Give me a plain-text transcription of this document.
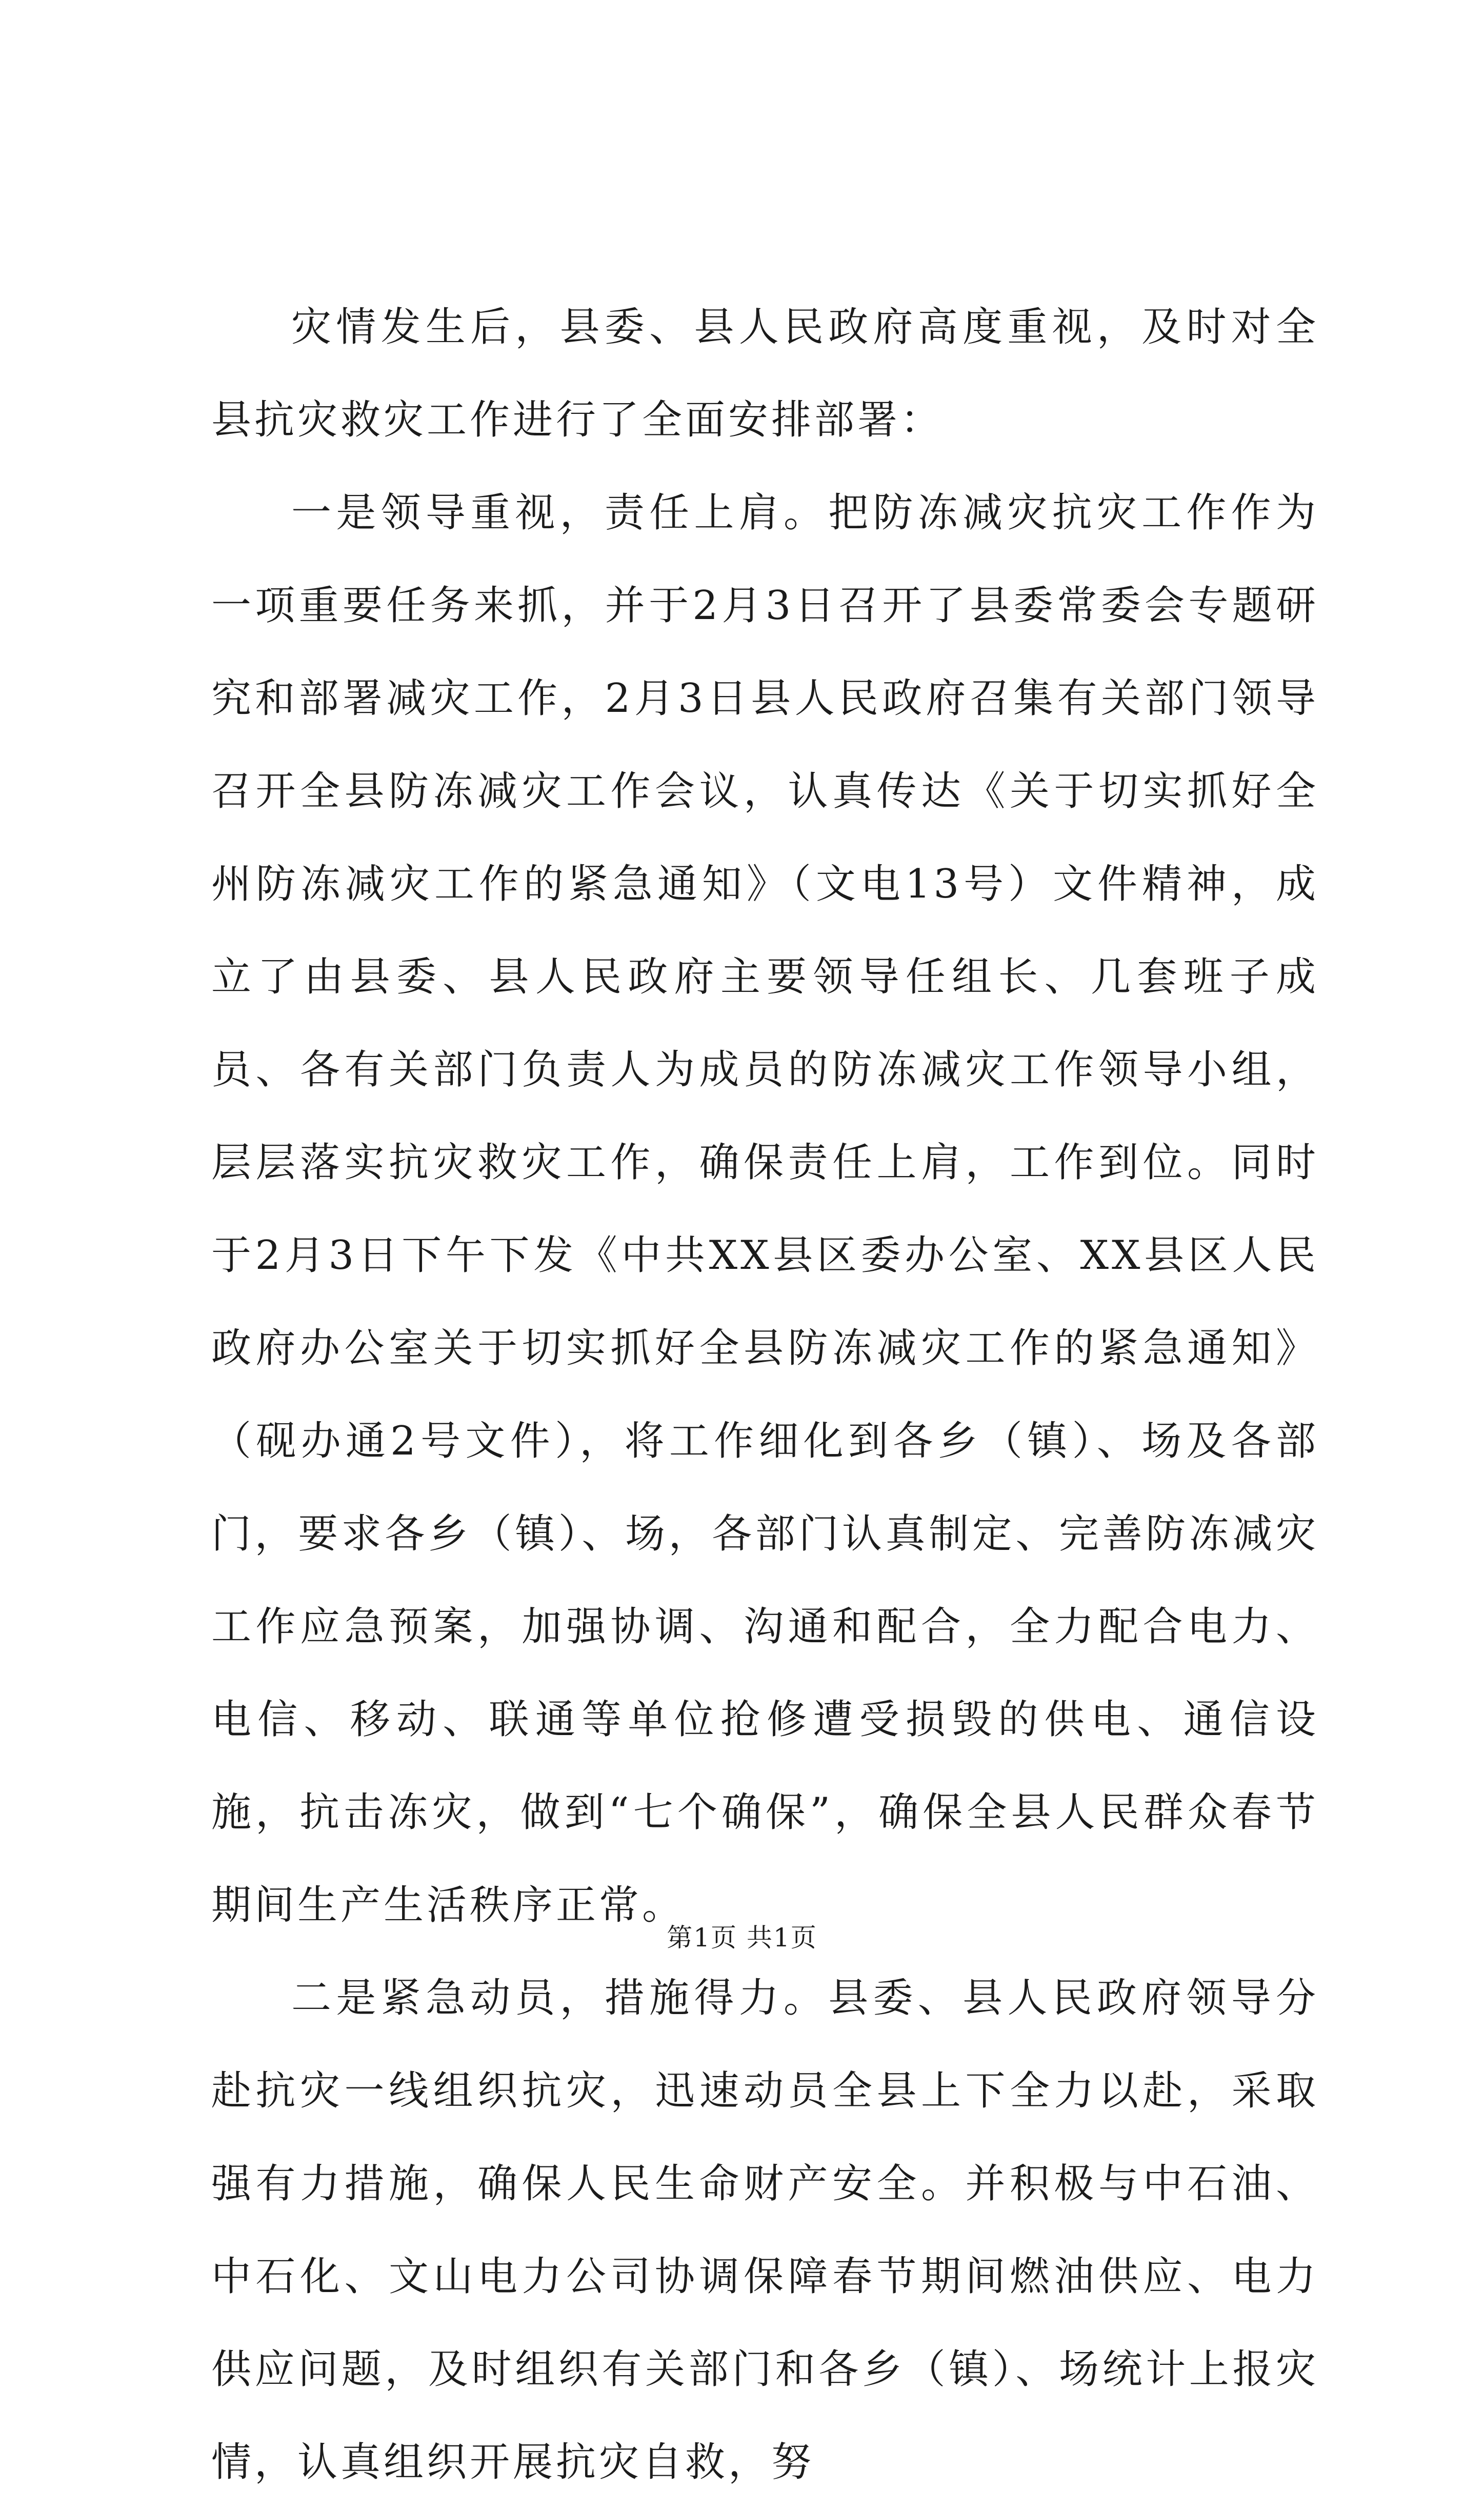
灾情发生后，县委、县人民政府高度重视，及时对全县抗灾救灾工作进行了全面安排部署：

一是领导重视，责任上肩。把防冻减灾抗灾工作作为一项重要任务来抓，并于2月3日召开了县委常委会专题研究和部署减灾工作，2月3日县人民政府召集有关部门领导召开全县防冻减灾工作会议，认真传达《关于切实抓好全州防冻减灾工作的紧急通知》（文电13号）文件精神，成立了由县委、县人民政府主要领导任组长、几套班子成员、各有关部门负责人为成员的防冻减灾工作领导小组，层层落实抗灾救灾工作，确保责任上肩，工作到位。同时于2月3日下午下发《中共XX县区委办公室、XX县区人民政府办公室关于切实抓好全县防冻减灾工作的紧急通知》（砚办通2号文件），将工作细化到各乡（镇）、场及各部门，要求各乡（镇）、场，各部门认真制定、完善防冻减灾工作应急预案，加强协调、沟通和配合，全力配合电力、电信、移动、联通等单位抢修遭受损毁的供电、通信设施，抗击冻灾，做到“七个确保”，确保全县人民群众春节期间生产生活秩序正常。

二是紧急动员，措施得力。县委、县人民政府领导分赴抗灾一线组织抗灾，迅速动员全县上下全力以赴，采取强有力措施，确保人民生命财产安全。并积极与中石油、中石化、文山电力公司协调保障春节期间燃油供应、电力供应问题，及时组织有关部门和各乡（镇）、场统计上报灾情，认真组织开展抗灾自救，努

第1页 共1页
